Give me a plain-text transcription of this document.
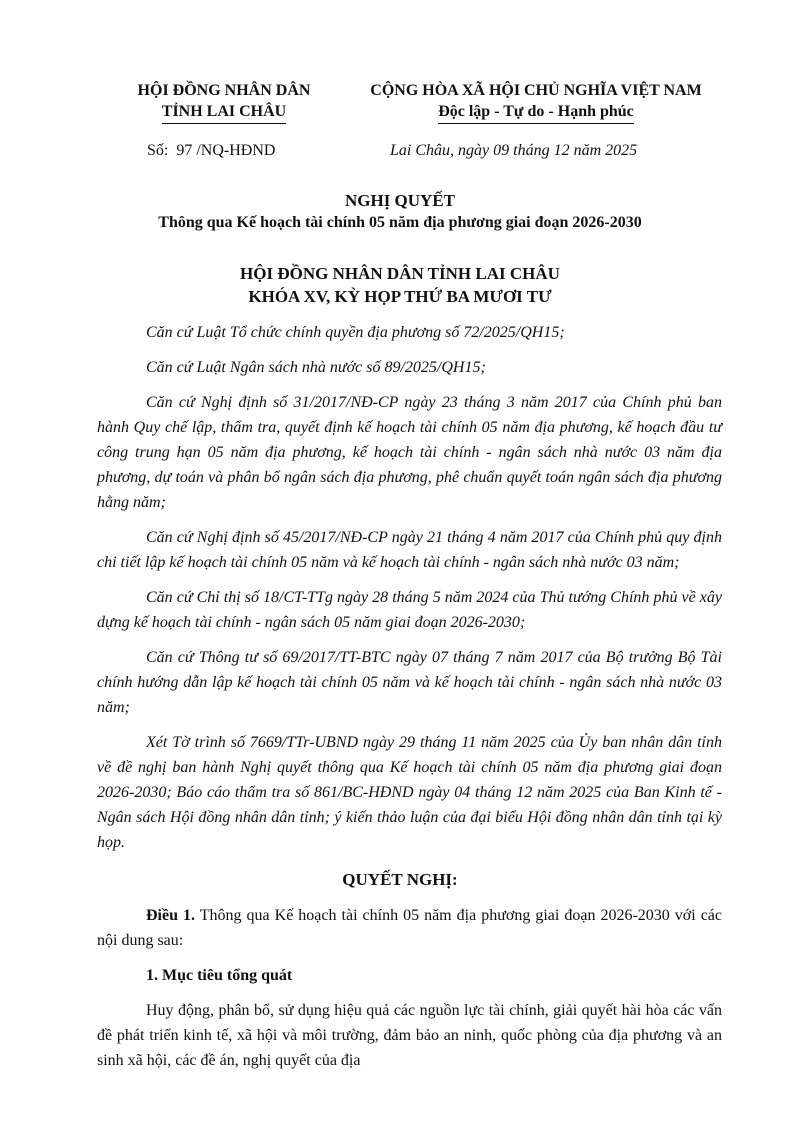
HỘI ĐỒNG NHÂN DÂN
TỈNH LAI CHÂU
CỘNG HÒA XÃ HỘI CHỦ NGHĨA VIỆT NAM
Độc lập - Tự do - Hạnh phúc
Số: 97 /NQ-HĐND	Lai Châu, ngày 09 tháng 12 năm 2025
NGHỊ QUYẾT
Thông qua Kế hoạch tài chính 05 năm địa phương giai đoạn 2026-2030
HỘI ĐỒNG NHÂN DÂN TỈNH LAI CHÂU
KHÓA XV, KỲ HỌP THỨ BA MƯƠI TƯ

Căn cứ Luật Tổ chức chính quyền địa phương số 72/2025/QH15;

Căn cứ Luật Ngân sách nhà nước số 89/2025/QH15;

Căn cứ Nghị định số 31/2017/NĐ-CP ngày 23 tháng 3 năm 2017 của Chính phủ ban hành Quy chế lập, thẩm tra, quyết định kế hoạch tài chính 05 năm địa phương, kế hoạch đầu tư công trung hạn 05 năm địa phương, kế hoạch tài chính - ngân sách nhà nước 03 năm địa phương, dự toán và phân bổ ngân sách địa phương, phê chuẩn quyết toán ngân sách địa phương hằng năm;

Căn cứ Nghị định số 45/2017/NĐ-CP ngày 21 tháng 4 năm 2017 của Chính phủ quy định chi tiết lập kế hoạch tài chính 05 năm và kế hoạch tài chính - ngân sách nhà nước 03 năm;

Căn cứ Chỉ thị số 18/CT-TTg ngày 28 tháng 5 năm 2024 của Thủ tướng Chính phủ về xây dựng kế hoạch tài chính - ngân sách 05 năm giai đoạn 2026-2030;

Căn cứ Thông tư số 69/2017/TT-BTC ngày 07 tháng 7 năm 2017 của Bộ trưởng Bộ Tài chính hướng dẫn lập kế hoạch tài chính 05 năm và kế hoạch tài chính - ngân sách nhà nước 03 năm;

Xét Tờ trình số 7669/TTr-UBND ngày 29 tháng 11 năm 2025 của Ủy ban nhân dân tỉnh về đề nghị ban hành Nghị quyết thông qua Kế hoạch tài chính 05 năm địa phương giai đoạn 2026-2030; Báo cáo thẩm tra số 861/BC-HĐND ngày 04 tháng 12 năm 2025 của Ban Kinh tế - Ngân sách Hội đồng nhân dân tỉnh; ý kiến thảo luận của đại biểu Hội đồng nhân dân tỉnh tại kỳ họp.

QUYẾT NGHỊ:

Điều 1. Thông qua Kế hoạch tài chính 05 năm địa phương giai đoạn 2026-2030 với các nội dung sau:

1. Mục tiêu tổng quát

Huy động, phân bổ, sử dụng hiệu quả các nguồn lực tài chính, giải quyết hài hòa các vấn đề phát triển kinh tế, xã hội và môi trường, đảm bảo an ninh, quốc phòng của địa phương và an sinh xã hội, các đề án, nghị quyết của địa
